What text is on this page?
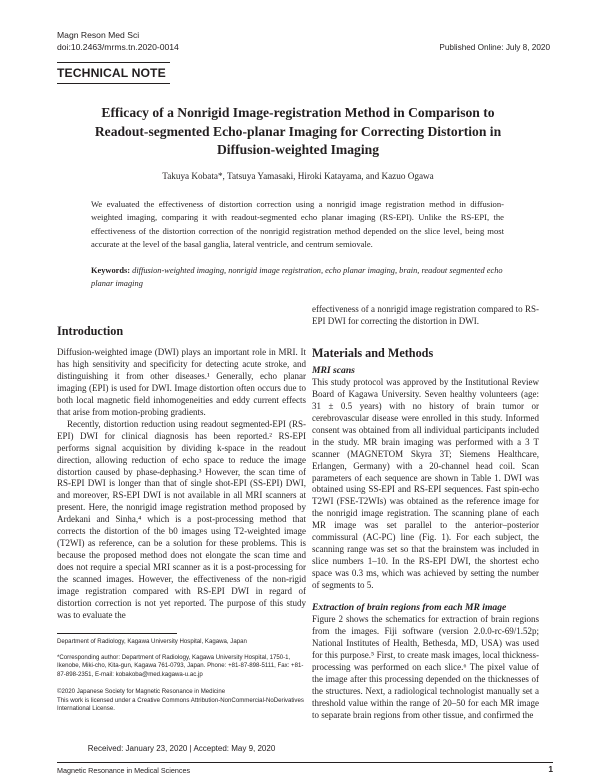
Magn Reson Med Sci
doi:10.2463/mrms.tn.2020-0014	Published Online: July 8, 2020
TECHNICAL NOTE
Efficacy of a Nonrigid Image-registration Method in Comparison to
Readout-segmented Echo-planar Imaging for Correcting Distortion in
Diffusion-weighted Imaging
Takuya Kobata*, Tatsuya Yamasaki, Hiroki Katayama, and Kazuo Ogawa
We evaluated the effectiveness of distortion correction using a nonrigid image registration method in diffusion-weighted imaging, comparing it with readout-segmented echo planar imaging (RS-EPI). Unlike the RS-EPI, the effectiveness of the distortion correction of the nonrigid registration method depended on the slice level, being most accurate at the level of the basal ganglia, lateral ventricle, and centrum semiovale.
Keywords: diffusion-weighted imaging, nonrigid image registration, echo planar imaging, brain, readout segmented echo planar imaging

Introduction

Diffusion-weighted image (DWI) plays an important role in MRI. It has high sensitivity and specificity for detecting acute stroke, and distinguishing it from other diseases.¹ Generally, echo planar imaging (EPI) is used for DWI. Image distortion often occurs due to both local magnetic field inhomogeneities and eddy current effects that arise from motion-probing gradients.

Recently, distortion reduction using readout segmented-EPI (RS-EPI) DWI for clinical diagnosis has been reported.² RS-EPI performs signal acquisition by dividing k-space in the readout direction, allowing reduction of echo space to reduce the image distortion caused by phase-dephasing.³ However, the scan time of RS-EPI DWI is longer than that of single shot-EPI (SS-EPI) DWI, and moreover, RS-EPI DWI is not available in all MRI scanners at present. Here, the nonrigid image registration method proposed by Ardekani and Sinha,⁴ which is a post-processing method that corrects the distortion of the b0 images using T2-weighted image (T2WI) as reference, can be a solution for these problems. This is because the proposed method does not elongate the scan time and does not require a special MRI scanner as it is a post-processing for the scanned images. However, the effectiveness of the non-rigid image registration compared with RS-EPI DWI in regard of distortion correction is not yet reported. The purpose of this study was to evaluate the

effectiveness of a nonrigid image registration compared to RS-EPI DWI for correcting the distortion in DWI.

Materials and Methods

MRI scans

This study protocol was approved by the Institutional Review Board of Kagawa University. Seven healthy volunteers (age: 31 ± 0.5 years) with no history of brain tumor or cerebrovascular disease were enrolled in this study. Informed consent was obtained from all individual participants included in the study. MR brain imaging was performed with a 3 T scanner (MAGNETOM Skyra 3T; Siemens Healthcare, Erlangen, Germany) with a 20-channel head coil. Scan parameters of each sequence are shown in Table 1. DWI was obtained using SS-EPI and RS-EPI sequences. Fast spin-echo T2WI (FSE-T2WIs) was obtained as the reference image for the nonrigid image registration. The scanning plane of each MR image was set parallel to the anterior–posterior commissural (AC-PC) line (Fig. 1). For each subject, the scanning range was set so that the brainstem was included in slice numbers 1–10. In the RS-EPI DWI, the shortest echo space was 0.3 ms, which was achieved by setting the number of segments to 5.

Extraction of brain regions from each MR image

Figure 2 shows the schematics for extraction of brain regions from the images. Fiji software (version 2.0.0-rc-69/1.52p; National Institutes of Health, Bethesda, MD, USA) was used for this purpose.⁵ First, to create mask images, local thickness-processing was performed on each slice.⁶ The pixel value of the image after this processing depended on the thicknesses of the structures. Next, a radiological technologist manually set a threshold value within the range of 20–50 for each MR image to separate brain regions from other tissue, and confirmed the

Department of Radiology, Kagawa University Hospital, Kagawa, Japan
*Corresponding author: Department of Radiology, Kagawa University Hospital, 1750-1, Ikenobe, Miki-cho, Kita-gun, Kagawa 761-0793, Japan. Phone: +81-87-898-5111, Fax: +81-87-898-2351, E-mail: kobakoba@med.kagawa-u.ac.jp
©2020 Japanese Society for Magnetic Resonance in Medicine
This work is licensed under a Creative Commons Attribution-NonCommercial-NoDerivatives International License.
Received: January 23, 2020 | Accepted: May 9, 2020
Magnetic Resonance in Medical Sciences	1
